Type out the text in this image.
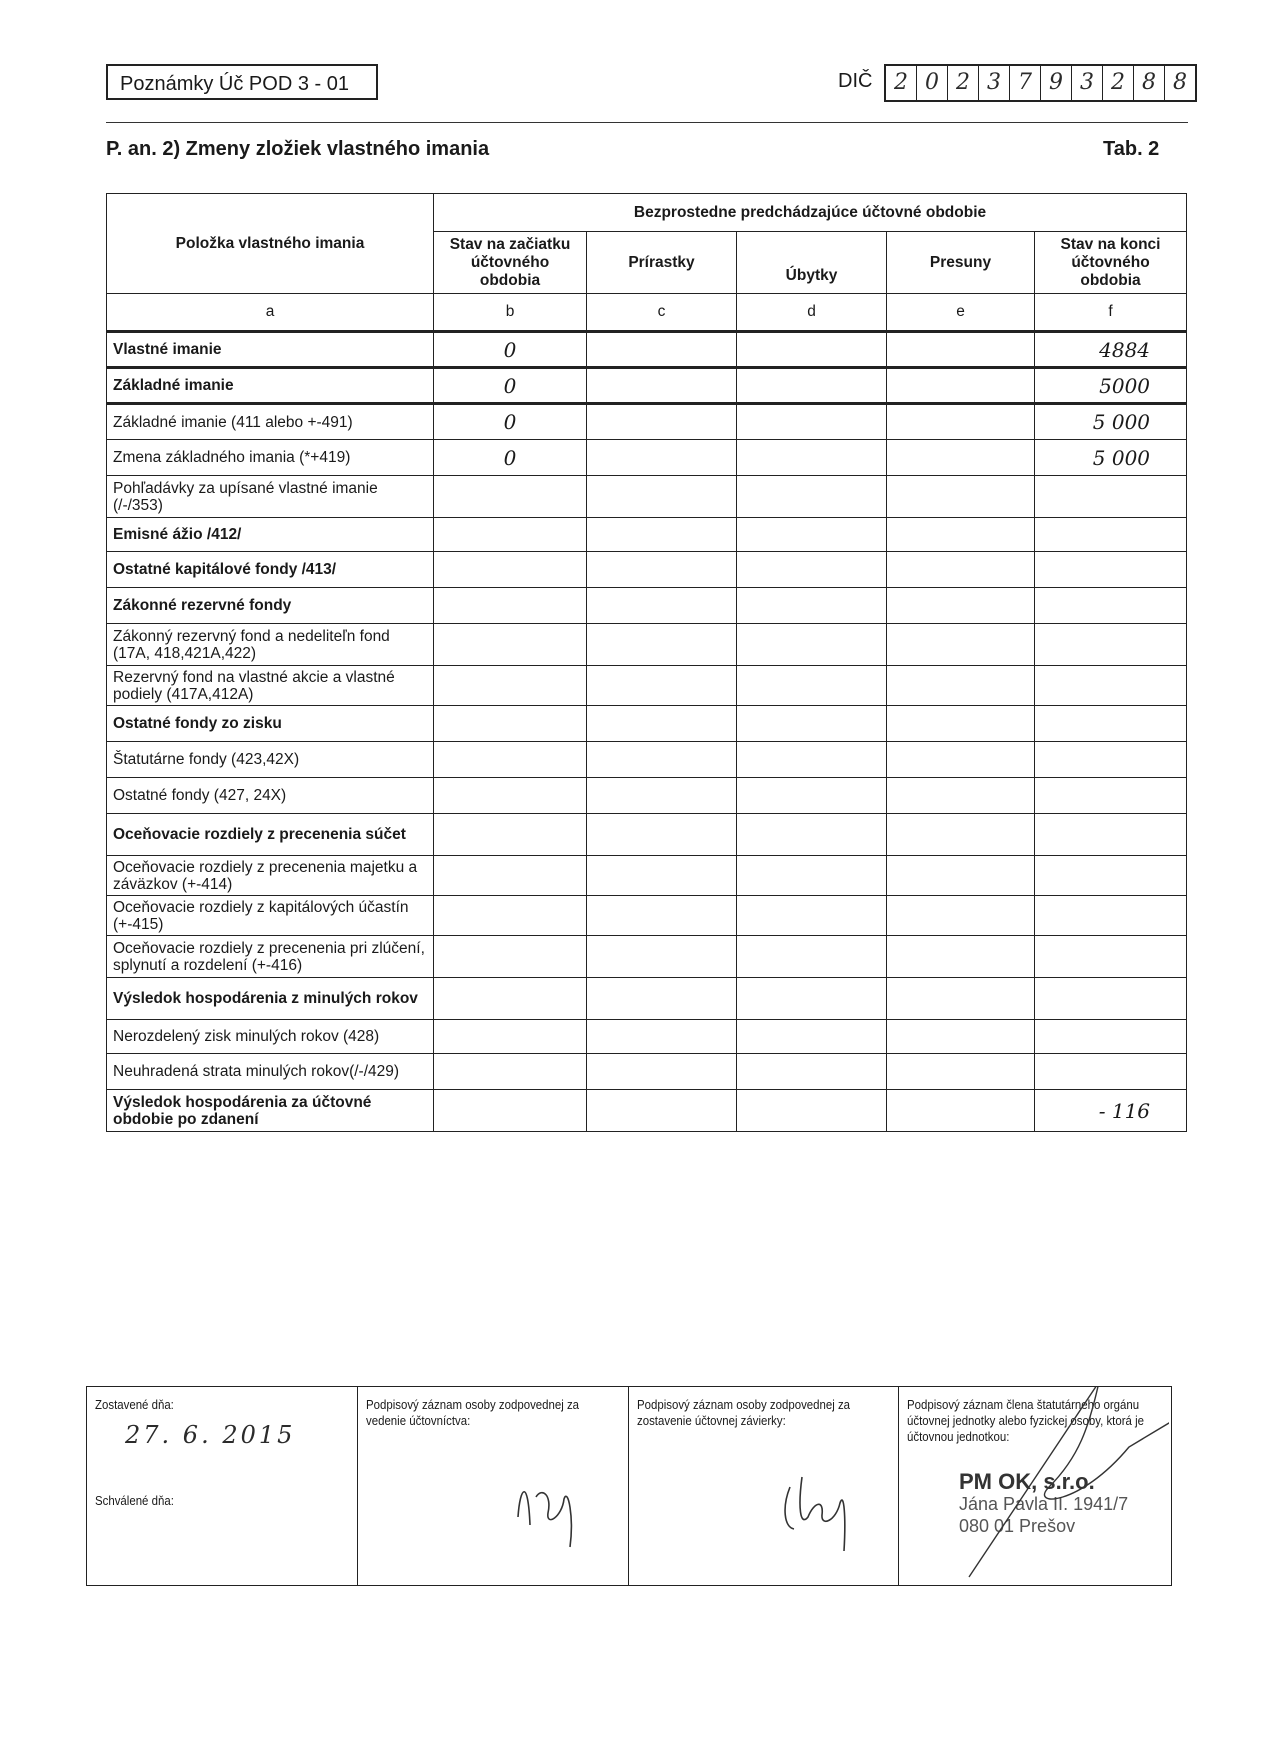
Poznámky Úč POD 3 - 01	DIČ 2 0 2 3 7 9 3 2 8 8
P. an. 2) Zmeny zložiek vlastného imania	Tab. 2
Položka vlastného imania	Bezprostedne predchádzajúce účtovné obdobie				
	Stav na začiatku účtovného obdobia	Prírastky	Úbytky	Presuny	Stav na konci účtovného obdobia
a	b	c	d	e	f
Vlastné imanie	0				4884
Základné imanie	0				5000
Základné imanie (411 alebo +-491)	0				5 000
Zmena základného imania (*+419)	0				5 000
Pohľadávky za upísané vlastné imanie (/-/353)					
Emisné ážio /412/					
Ostatné kapitálové fondy /413/					
Zákonné rezervné fondy					
Zákonný rezervný fond a nedeliteľn fond (17A, 418,421A,422)					
Rezervný fond na vlastné akcie a vlastné podiely (417A,412A)					
Ostatné fondy zo zisku					
Štatutárne fondy (423,42X)					
Ostatné fondy (427, 24X)					
Oceňovacie rozdiely z precenenia súčet					
Oceňovacie rozdiely z precenenia majetku a záväzkov (+-414)					
Oceňovacie rozdiely z kapitálových účastín (+-415)					
Oceňovacie rozdiely z precenenia pri zlúčení, splynutí a rozdelení (+-416)					
Výsledok hospodárenia z minulých rokov					
Nerozdelený zisk minulých rokov (428)					
Neuhradená strata minulých rokov(/-/429)					
Výsledok hospodárenia za účtovné obdobie po zdanení					- 116
Zostavené dňa:
27. 6. 2015
Schválené dňa:
Podpisový záznam osoby zodpovednej za vedenie účtovníctva:
Podpisový záznam osoby zodpovednej za zostavenie účtovnej závierky:
Podpisový záznam člena štatutárneho orgánu účtovnej jednotky alebo fyzickej osoby, ktorá je účtovnou jednotkou:
PM OK, s.r.o.
Jána Pavla II. 1941/7
080 01 Prešov
